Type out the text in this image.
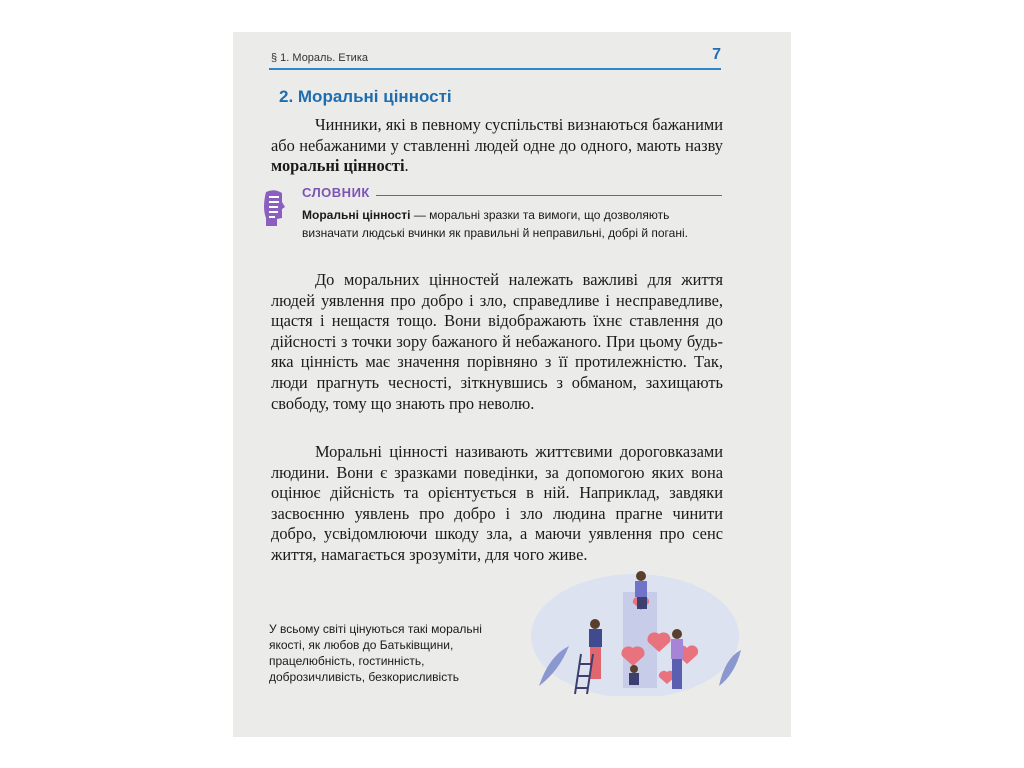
§ 1. Мораль. Етика	7
2. Моральні цінності
Чинники, які в певному суспільстві визнаються бажаними або небажаними у ставленні людей одне до одного, мають назву моральні цінності.
СЛОВНИК
Моральні цінності — моральні зразки та вимоги, що дозволяють визначати людські вчинки як правильні й неправильні, добрі й погані.
До моральних цінностей належать важливі для життя людей уявлення про добро і зло, справедливе і несправедливе, щастя і нещастя тощо. Вони відображають їхнє ставлення до дійсності з точки зору бажаного й небажаного. При цьому будь-яка цінність має значення порівняно з її протилежністю. Так, люди прагнуть чесності, зіткнувшись з обманом, захищають свободу, тому що знають про неволю.
Моральні цінності називають життєвими дороговказами людини. Вони є зразками поведінки, за допомогою яких вона оцінює дійсність та орієнтується в ній. Наприклад, завдяки засвоєнню уявлень про добро і зло людина прагне чинити добро, усвідомлюючи шкоду зла, а маючи уявлення про сенс життя, намагається зрозуміти, для чого живе.
У всьому світі цінуються такі моральні якості, як любов до Батьківщини, працелюбність, гостинність, доброзичливість, безкорисливість
